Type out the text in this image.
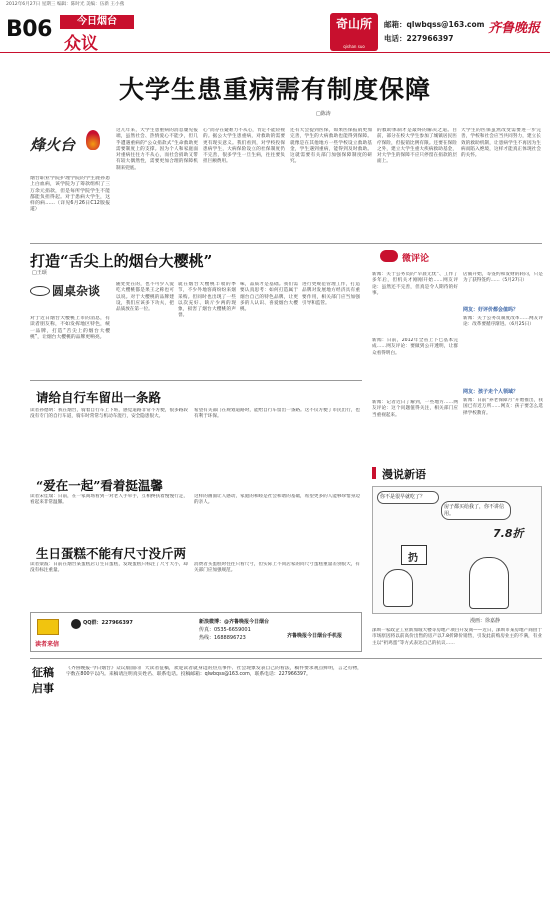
2012年6月27日 星期三 编辑：陈时光 美编：伍新 王小燕
B06	今日烟台
众议
奇山所
qishan suo
邮箱：qlwbqss@163.com
电话：227966397
齐鲁晚报
大学生患重病需有制度保障
□陈涛
烽火台
烟台职业学院护理学院的学生鹿孙患上白血病，该学院为了筹款组织了三万余元捐款，但是每所学院学生不能都能负担得起。对于患病大学生，这样的病……（详见6月26日C12版报道）
这几年来，大学生患重病的消息屡见报端，虽然社会、热情爱心不能少，但几乎遭遇重病的“公众捐款式”生命救助更需要制度上的支撑。因为个人和家庭面对重病往往力不从心，而社会捐助又带有较大偶然性，需要更加合理的保障机制来兜底。
心”而存在疑难力不从心，肯定不能轻视的。据公大学生患重病，对救助的需要更有现实意义。我们看到，对学校投保患病学生，大病保险设立的社保制度仍不完善，很多学生一旦生病，往往要负担巨额费用。
还有大会提到医保，如果医保报销更加完善，学生的大病救助也能得到保障。就像是在其他地方一些学校设立救助基金，学生遇到重病，能得到及时救助。这就需要有关部门加强保障制度的研究。
的救助体制才是最终的解决之道。目前，部分在校大学生参加了城镇居民医疗保险，但报销比例有限。还要在保险之外，建立大学生重大疾病救助基金，对大学生的保障不应只停留在捐款的层面上。
大学生的医保虽然改变需要进一步完善，学校和社会应当共同努力，建立长效的救助机制，让患病学生不再因为生病而陷入绝境，这样才能真正体现社会的关怀。
打造“舌尖上的烟台大樱桃”
□王颂
圆桌杂谈
对于近日烟台大樱桃上市的消息，有读者朋友称，不如发挥地区特色，统一品牌，打造“舌尖上的烟台大樱桃”，让烟台大樱桃的品牌更响亮。
随处处在的，也不可少人爱吃大樱桃都是果王之称也可以说。对于大樱桃的品牌建设，我们应该多下功夫，把品质放在第一位。
就在烟台大樱桃丰收的季节，不少外地客商纷纷来烟采购。但同时也出现了一些以次充好、缺斤少两的现象，损害了烟台大樱桃的声誉。
味，品质才是基础。我们需要认真思考：如何打造属于烟台自己的特色品牌，让更多的人认识、喜爱烟台大樱桃。
进行更规范管理工作，打造品牌对发展地方经济具有重要作用，相关部门应当加强引导和监管。
微评论
新闻：关于公务员的“早晨无忧”、工作了多年后，但机关才刚刚开始……网友评论：虽然还不完善，但真是令人期待的好事。
新闻：日前，2012年全省上下已基本完成……网友评论：要做到公开透明，让群众看得明白。
新闻：记者近日了解到，一些地方……网友评论：这个问题值得关注，相关部门应当重视起来。
店铺开始，等签约和发财的转向，只是为了获得签约……（5月27日）
网友：好评价都会值吗？
新闻：关于公务员制度改革……网友评论：改革要循序渐进。（6月25日）
网友：孩子走个人领域？
新闻：日前“养老保障月”开始推出，我国已有近万所……网友：孩子要怎么选择学校教育。
请给自行车留出一条路
读者孙德明：我在烟台，骑着自行车上下班，感觉道路非常不方便，很多路段没有专门的自行车道，骑车时常常与机动车混行，安全隐患很大。
希望有关部门在规划道路时，能给自行车留出一条路。这不仅方便了市民出行，也有利于环保。
“爱在一起”看着挺温馨
读者宋佳瑞：日前，在一家商场看到一对老人手牵手，互相搀扶着慢慢行走，看起来非常温馨。
这样的画面让人感动，家庭的和睦是社会和谐的基础，希望更多的人能够珍惜身边的亲人。
生日蛋糕不能有尺寸没斤两
读者梁波：日前在烟台某蛋糕店订生日蛋糕，发现蛋糕只标注了尺寸大小，却没有标注重量。
消费者买蛋糕时往往只看尺寸，但实际上不同店家的同尺寸蛋糕重量差别很大，有关部门应加强规范。
读者来信
QQ群：227966397	新浪微博：@齐鲁晚报今日烟台
传真：0535-6659001
热线：1688896723	齐鲁晚报今日烟台手机报
漫说新语
你不是很早就吃了？
房子都买给我了，你不讲信用。
7.8折
扔
漫画：徐嘉静
深圳一家政企工业新加坡大楼等房地产项目开发商——近日，深圳市某房地产商由于市场原因将以前高价出售的房产以7.8折降价销售，引发此前购房业主的不满，有业主以“扔鸡蛋”等方式表达自己的抗议……
征稿
启事
《齐鲁晚报·今日烟台》众议版面向广大读者征稿，欢迎读者就身边的热点事件、社会现象发表自己的看法，稿件要求观点鲜明，言之有物，字数在800字以内。来稿请注明真实姓名、联系电话。投稿邮箱：qlwbqss@163.com，联系电话：227966397。
